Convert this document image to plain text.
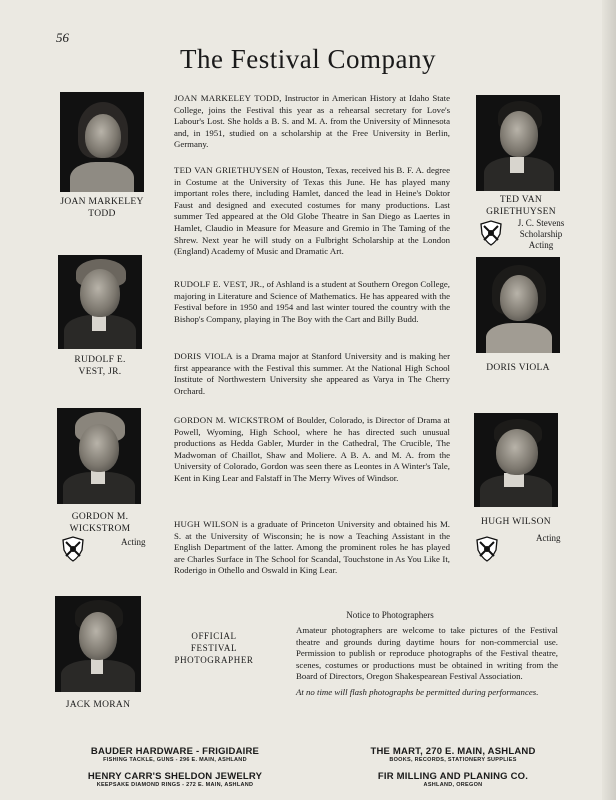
56
The Festival Company
JOAN MARKELEY
TODD
JOAN MARKELEY TODD, Instructor in American History at Idaho State College, joins the Festival this year as a rehearsal secretary for Love's Labour's Lost. She holds a B. S. and M. A. from the University of Minnesota and, in 1951, studied on a scholarship at the Free University in Berlin, Germany.
TED VAN
GRIETHUYSEN
J. C. Stevens
Scholarship
Acting
TED VAN GRIETHUYSEN of Houston, Texas, received his B. F. A. degree in Costume at the University of Texas this June. He has played many important roles there, including Hamlet, danced the lead in Heine's Doktor Faust and designed and executed costumes for many productions. Last summer Ted appeared at the Old Globe Theatre in San Diego as Laertes in Hamlet, Claudio in Measure for Measure and Gremio in The Taming of the Shrew. Next year he will study on a Fulbright Scholarship at the London (England) Academy of Music and Dramatic Art.
RUDOLF E.
VEST, JR.
RUDOLF E. VEST, JR., of Ashland is a student at Southern Oregon College, majoring in Literature and Science of Mathematics. He has appeared with the Festival before in 1950 and 1954 and last winter toured the country with the Bishop's Company, playing in The Boy with the Cart and Billy Budd.
DORIS VIOLA
DORIS VIOLA is a Drama major at Stanford University and is making her first appearance with the Festival this summer. At the National High School Institute of Northwestern University she appeared as Varya in The Cherry Orchard.
GORDON M.
WICKSTROM
Acting
GORDON M. WICKSTROM of Boulder, Colorado, is Director of Drama at Powell, Wyoming, High School, where he has directed such unusual productions as Hedda Gabler, Murder in the Cathedral, The Crucible, The Madwoman of Chaillot, Shaw and Moliere. A B. A. and M. A. from the University of Colorado, Gordon was seen there as Leontes in A Winter's Tale, Kent in King Lear and Falstaff in The Merry Wives of Windsor.
HUGH WILSON
Acting
HUGH WILSON is a graduate of Princeton University and obtained his M. S. at the University of Wisconsin; he is now a Teaching Assistant in the English Department of the latter. Among the prominent roles he has played are Charles Surface in The School for Scandal, Touchstone in As You Like It, Roderigo in Othello and Oswald in King Lear.
JACK MORAN
OFFICIAL
FESTIVAL
PHOTOGRAPHER
Notice to Photographers
Amateur photographers are welcome to take pictures of the Festival theatre and grounds during daytime hours for non-commercial use. Permission to publish or reproduce photographs of the Festival theatre, scenes, costumes or productions must be obtained in writing from the Board of Directors, Oregon Shakespearean Festival Association.
At no time will flash photographs be permitted during performances.
BAUDER HARDWARE - FRIGIDAIRE
FISHING TACKLE, GUNS - 296 E. MAIN, ASHLAND
THE MART, 270 E. MAIN, ASHLAND
BOOKS, RECORDS, STATIONERY SUPPLIES
HENRY CARR'S SHELDON JEWELRY
KEEPSAKE DIAMOND RINGS - 272 E. MAIN, ASHLAND
FIR MILLING AND PLANING CO.
ASHLAND, OREGON
